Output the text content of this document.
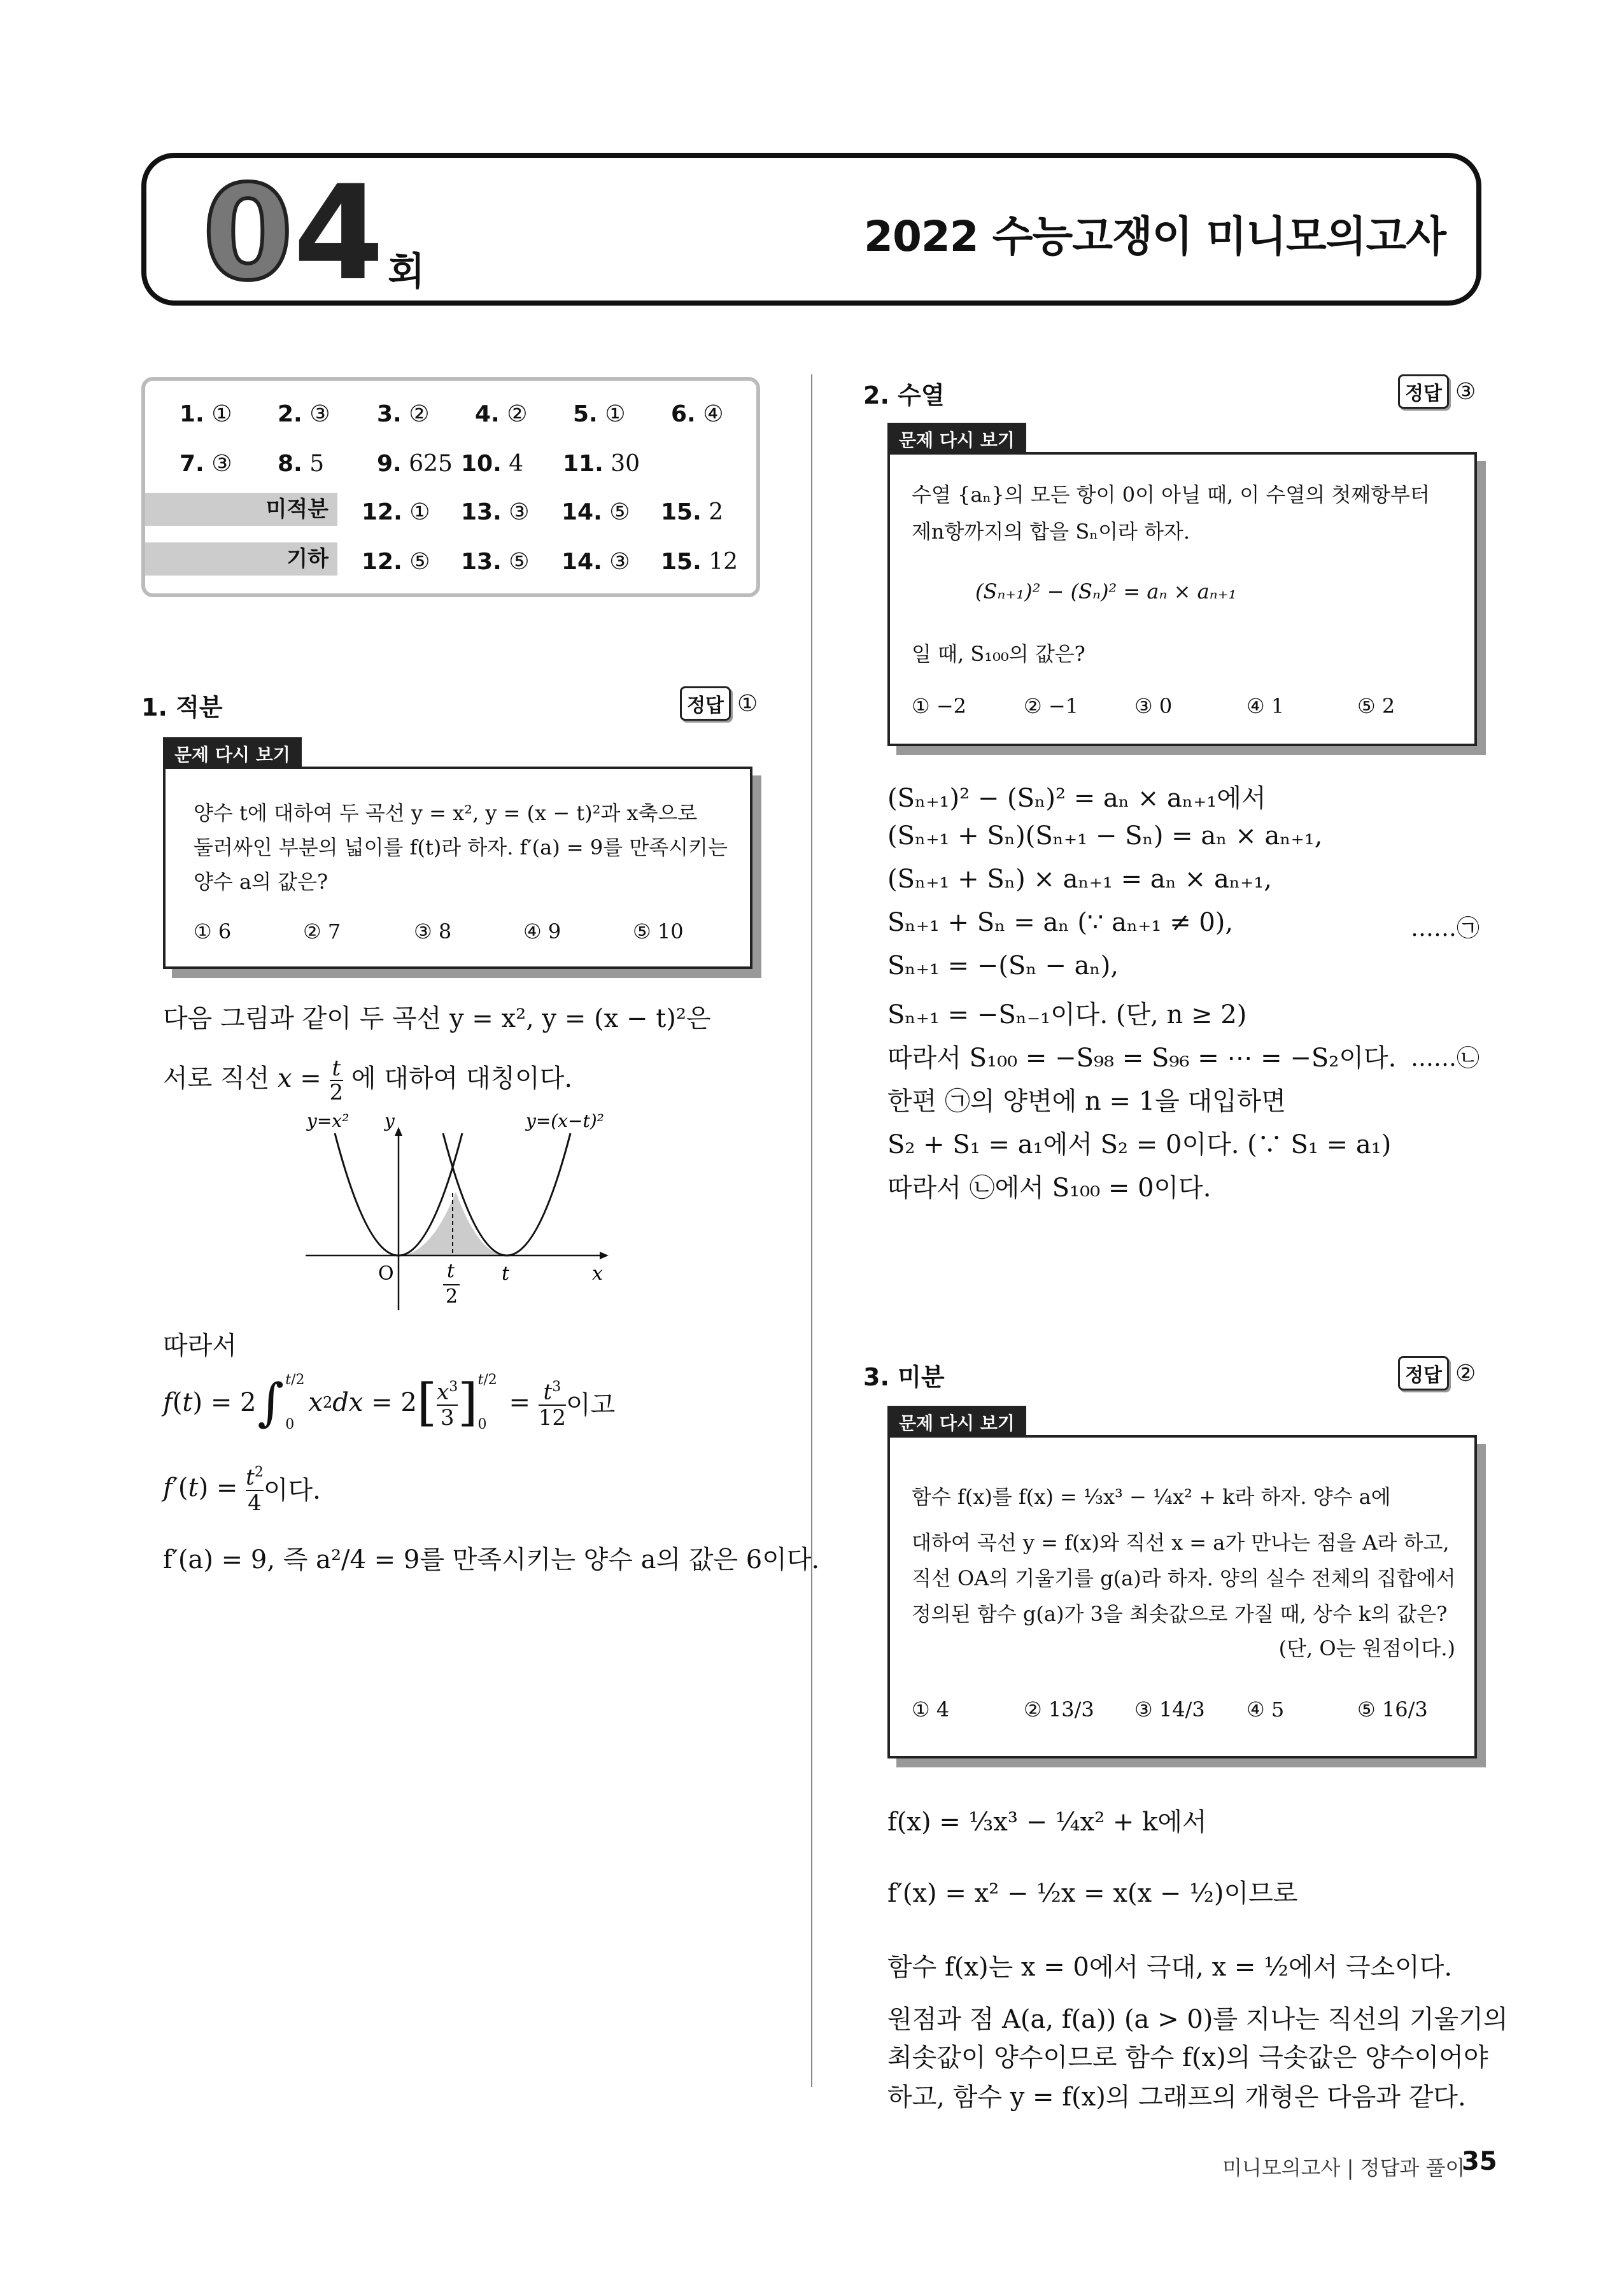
0 4 회
2022 수능고쟁이 미니모의고사
1. ① 2. ③ 3. ② 4. ② 5. ① 6. ④
7. ③ 8. 5 9. 625 10. 4 11. 30
미적분	12. ① 13. ③ 14. ⑤ 15. 2
기하	12. ⑤ 13. ⑤ 14. ③ 15. 12
1. 적분	정답 ①
문제 다시 보기
양수 t에 대하여 두 곡선 y = x², y = (x − t)²과 x축으로
둘러싸인 부분의 넓이를 f(t)라 하자. f′(a) = 9를 만족시키는
양수 a의 값은?
① 6	② 7	③ 8	④ 9	⑤ 10
다음 그림과 같이 두 곡선 y = x², y = (x − t)²은
서로 직선 $x = \frac{t}{2}$ 에 대하여 대칭이다.
y=x² y	y=(x−t)²
O	t
2
t	x
따라서
f ( t ) = 2 ∫ t/2
0
x 2 dx = 2 [ $x^3$

3 ] t/2
0
= $t^3$

12 이고
f ′( t ) = $t^2$

4 이다.
f′(a) = 9, 즉 a²/4 = 9를 만족시키는 양수 a의 값은 6이다.
2. 수열	정답 ③
문제 다시 보기
수열 {aₙ}의 모든 항이 0이 아닐 때, 이 수열의 첫째항부터
제n항까지의 합을 Sₙ이라 하자.
(Sₙ₊₁)² − (Sₙ)² = aₙ × aₙ₊₁
일 때, S₁₀₀의 값은?
① −2	② −1	③ 0	④ 1	⑤ 2
(Sₙ₊₁)² − (Sₙ)² = aₙ × aₙ₊₁에서
(Sₙ₊₁ + Sₙ)(Sₙ₊₁ − Sₙ) = aₙ × aₙ₊₁,
(Sₙ₊₁ + Sₙ) × aₙ₊₁ = aₙ × aₙ₊₁,
Sₙ₊₁ + Sₙ = aₙ (∵ aₙ₊₁ ≠ 0),	……㉠
Sₙ₊₁ = −(Sₙ − aₙ),
Sₙ₊₁ = −Sₙ₋₁이다. (단, n ≥ 2)
따라서 S₁₀₀ = −S₉₈ = S₉₆ = ⋯ = −S₂이다. ……㉡
한편 ㉠의 양변에 n = 1을 대입하면
S₂ + S₁ = a₁에서 S₂ = 0이다. (∵ S₁ = a₁)
따라서 ㉡에서 S₁₀₀ = 0이다.
3. 미분	정답 ②
문제 다시 보기
함수 f(x)를 f(x) = ⅓x³ − ¼x² + k라 하자. 양수 a에
대하여 곡선 y = f(x)와 직선 x = a가 만나는 점을 A라 하고,
직선 OA의 기울기를 g(a)라 하자. 양의 실수 전체의 집합에서
정의된 함수 g(a)가 3을 최솟값으로 가질 때, 상수 k의 값은?
(단, O는 원점이다.)
① 4	② 13/3 ③ 14/3 ④ 5	⑤ 16/3
f(x) = ⅓x³ − ¼x² + k에서
f′(x) = x² − ½x = x(x − ½)이므로
함수 f(x)는 x = 0에서 극대, x = ½에서 극소이다.
원점과 점 A(a, f(a)) (a > 0)를 지나는 직선의 기울기의
최솟값이 양수이므로 함수 f(x)의 극솟값은 양수이어야
하고, 함수 y = f(x)의 그래프의 개형은 다음과 같다.
미니모의고사 | 정답과 풀이
35
